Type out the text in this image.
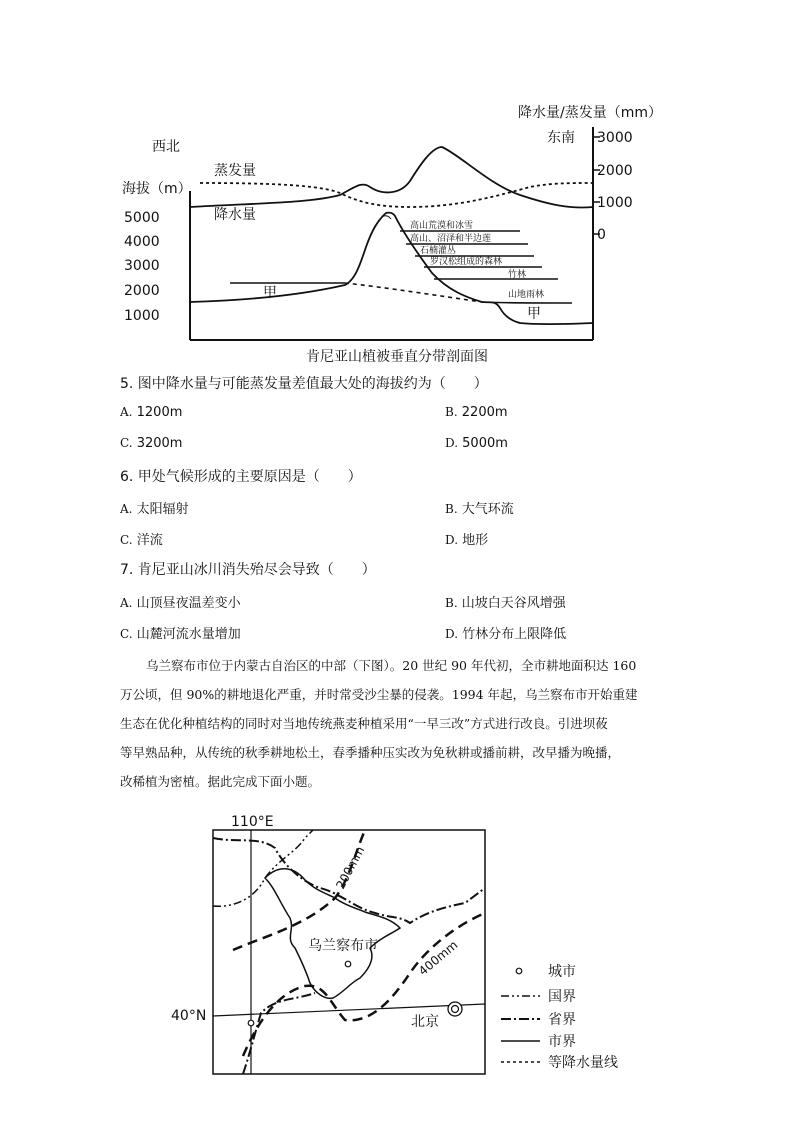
降水量/蒸发量（mm）
3000
2000
1000
0
东南
西北
海拔（m）
5000
4000
3000
2000
1000
蒸发量
降水量
甲
甲
高山荒漠和冰雪
高山、沼泽和半边莲
石楠灌丛
罗汉松组成的森林
竹林
山地雨林
肯尼亚山植被垂直分带剖面图
5. 图中降水量与可能蒸发量差值最大处的海拔约为（　　）
A. 1200m	B. 2200m
C. 3200m	D. 5000m
6. 甲处气候形成的主要原因是（　　）
A. 太阳辐射	B. 大气环流
C. 洋流	D. 地形
7. 肯尼亚山冰川消失殆尽会导致（　　）
A. 山顶昼夜温差变小	B. 山坡白天谷风增强
C. 山麓河流水量增加	D. 竹林分布上限降低
乌兰察布市位于内蒙古自治区的中部（下图）。20 世纪 90 年代初，全市耕地面积达 160
万公顷，但 90%的耕地退化严重，并时常受沙尘暴的侵袭。1994 年起，乌兰察布市开始重建
生态在优化种植结构的同时对当地传统燕麦种植采用“一早三改”方式进行改良。引进坝莜
等早熟品种，从传统的秋季耕地松土，春季播种压实改为免秋耕或播前耕，改早播为晚播，
改稀植为密植。据此完成下面小题。
110°E
40°N
200mm
400mm
乌兰察布市
北京
城市
国界
省界
市界
等降水量线
